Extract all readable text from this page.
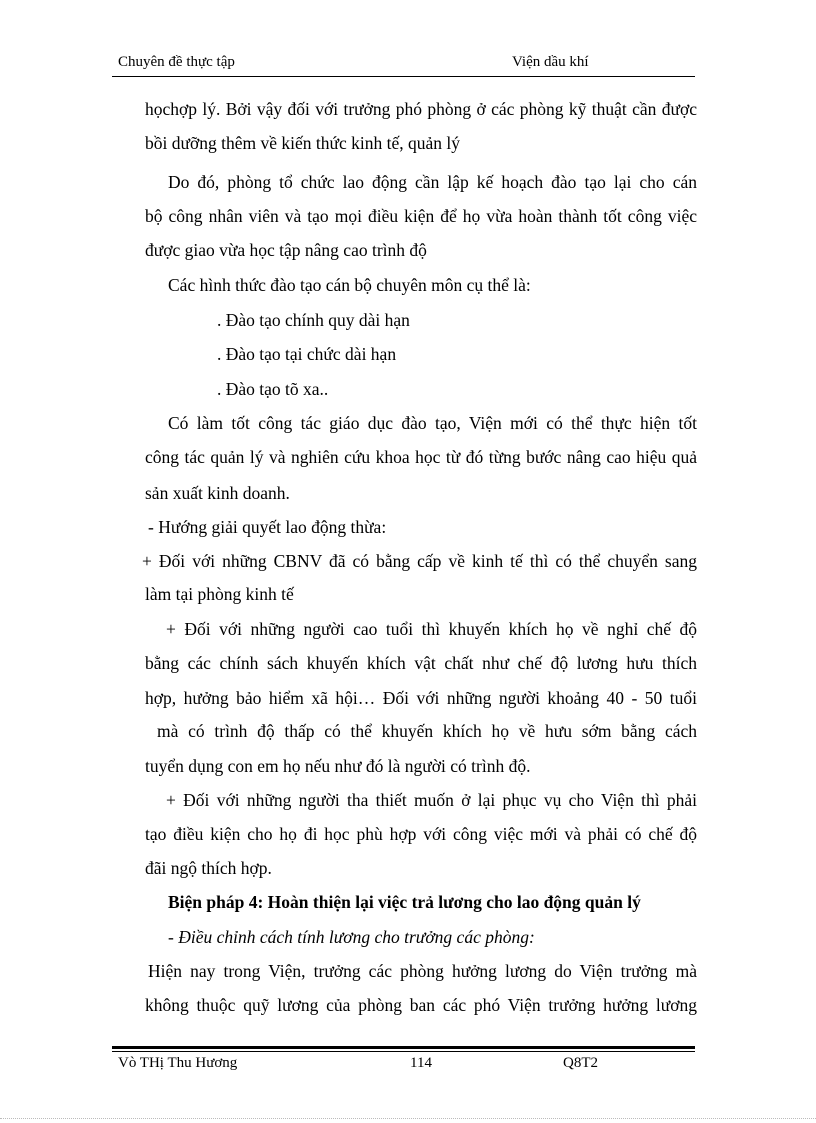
Chuyên đề thực tập	Viện dầu khí
họchợp lý. Bởi vậy đối với trưởng phó phòng ở các phòng kỹ thuật cần được
bồi dưỡng thêm về kiến thức kinh tế, quản lý
Do đó, phòng tổ chức lao động cần lập kế hoạch đào tạo lại cho cán
bộ công nhân viên và tạo mọi điều kiện để họ vừa hoàn thành tốt công việc
được giao vừa học tập nâng cao trình độ
Các hình thức đào tạo cán bộ chuyên môn cụ thể là:
. Đào tạo chính quy dài hạn
. Đào tạo tại chức dài hạn
. Đào tạo tõ xa..
Có làm tốt công tác giáo dục đào tạo, Viện mới có thể thực hiện tốt
công tác quản lý và nghiên cứu khoa học từ đó từng bước nâng cao hiệu quả
sản xuất kinh doanh.
- Hướng giải quyết lao động thừa:
+ Đối với những CBNV đã có bằng cấp về kinh tế thì có thể chuyển sang
làm tại phòng kinh tế
+ Đối với những người cao tuổi thì khuyến khích họ về nghỉ chế độ
bằng các chính sách khuyến khích vật chất như chế độ lương hưu thích
hợp, hưởng bảo hiểm xã hội… Đối với những người khoảng 40 - 50 tuổi
mà có trình độ thấp có thể khuyến khích họ về hưu sớm bằng cách
tuyển dụng con em họ nếu như đó là người có trình độ.
+ Đối với những người tha thiết muốn ở lại phục vụ cho Viện thì phải
tạo điều kiện cho họ đi học phù hợp với công việc mới và phải có chế độ
đãi ngộ thích hợp.
Biện pháp 4: Hoàn thiện lại việc trả lương cho lao động quản lý
- Điều chỉnh cách tính lương cho trưởng các phòng:
Hiện nay trong Viện, trưởng các phòng hưởng lương do Viện trưởng mà
không thuộc quỹ lương của phòng ban các phó Viện trưởng hưởng lương
Vò THị Thu Hương	114	Q8T2
